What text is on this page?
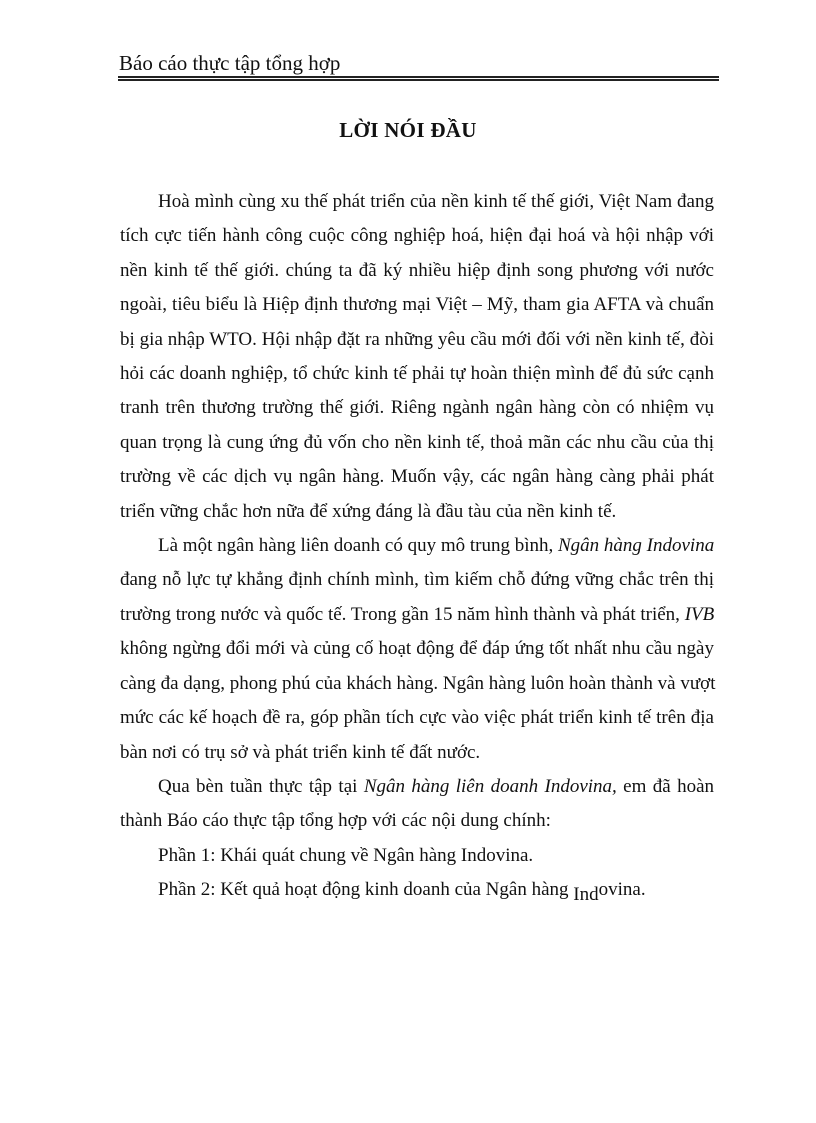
Báo cáo thực tập tổng hợp
LỜI NÓI ĐẦU
Hoà mình cùng xu thế phát triển của nền kinh tế thế giới, Việt Nam đang
tích cực tiến hành công cuộc công nghiệp hoá, hiện đại hoá và hội nhập với
nền kinh tế thế giới. chúng ta đã ký nhiều hiệp định song phương với nước
ngoài, tiêu biểu là Hiệp định thương mại Việt – Mỹ, tham gia AFTA và chuẩn
bị gia nhập WTO. Hội nhập đặt ra những yêu cầu mới đối với nền kinh tế, đòi
hỏi các doanh nghiệp, tổ chức kinh tế phải tự hoàn thiện mình để đủ sức cạnh
tranh trên thương trường thế giới. Riêng ngành ngân hàng còn có nhiệm vụ
quan trọng là cung ứng đủ vốn cho nền kinh tế, thoả mãn các nhu cầu của thị
trường về các dịch vụ ngân hàng. Muốn vậy, các ngân hàng càng phải phát
triển vững chắc hơn nữa để xứng đáng là đầu tàu của nền kinh tế.
Là một ngân hàng liên doanh có quy mô trung bình, Ngân hàng Indovina
đang nỗ lực tự khẳng định chính mình, tìm kiếm chỗ đứng vững chắc trên thị
trường trong nước và quốc tế. Trong gần 15 năm hình thành và phát triển, IVB
không ngừng đổi mới và củng cố hoạt động để đáp ứng tốt nhất nhu cầu ngày
càng đa dạng, phong phú của khách hàng. Ngân hàng luôn hoàn thành và vượt
mức các kế hoạch đề ra, góp phần tích cực vào việc phát triển kinh tế trên địa
bàn nơi có trụ sở và phát triển kinh tế đất nước.
Qua bèn tuần thực tập tại Ngân hàng liên doanh Indovina, em đã hoàn
thành Báo cáo thực tập tổng hợp với các nội dung chính:
Phần 1: Khái quát chung về Ngân hàng Indovina.
Phần 2: Kết quả hoạt động kinh doanh của Ngân hàng Indovina.
